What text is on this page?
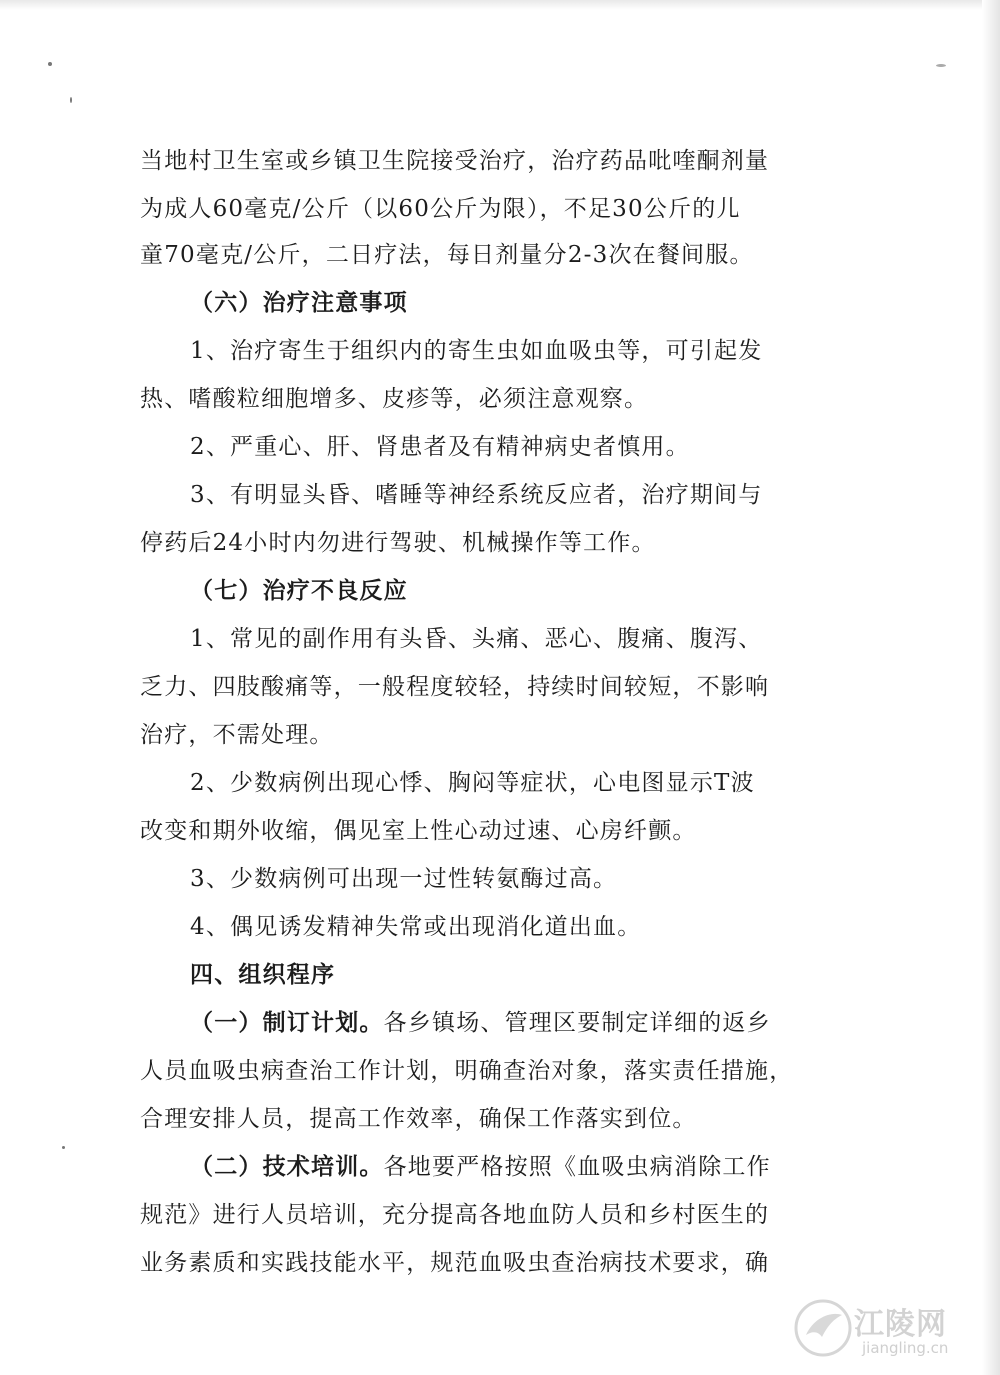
当地村卫生室或乡镇卫生院接受治疗，治疗药品吡喹酮剂量
为成人60毫克/公斤（以60公斤为限），不足30公斤的儿
童70毫克/公斤，二日疗法，每日剂量分2-3次在餐间服。
（六）治疗注意事项
1、治疗寄生于组织内的寄生虫如血吸虫等，可引起发
热、嗜酸粒细胞增多、皮疹等，必须注意观察。
2、严重心、肝、肾患者及有精神病史者慎用。
3、有明显头昏、嗜睡等神经系统反应者，治疗期间与
停药后24小时内勿进行驾驶、机械操作等工作。
（七）治疗不良反应
1、常见的副作用有头昏、头痛、恶心、腹痛、腹泻、
乏力、四肢酸痛等，一般程度较轻，持续时间较短，不影响
治疗，不需处理。
2、少数病例出现心悸、胸闷等症状，心电图显示T波
改变和期外收缩，偶见室上性心动过速、心房纤颤。
3、少数病例可出现一过性转氨酶过高。
4、偶见诱发精神失常或出现消化道出血。
四、组织程序
（一）制订计划。各乡镇场、管理区要制定详细的返乡
人员血吸虫病查治工作计划，明确查治对象，落实责任措施，
合理安排人员，提高工作效率，确保工作落实到位。
（二）技术培训。各地要严格按照《血吸虫病消除工作
规范》进行人员培训，充分提高各地血防人员和乡村医生的
业务素质和实践技能水平，规范血吸虫查治病技术要求，确
江陵网
jiangling.cn
